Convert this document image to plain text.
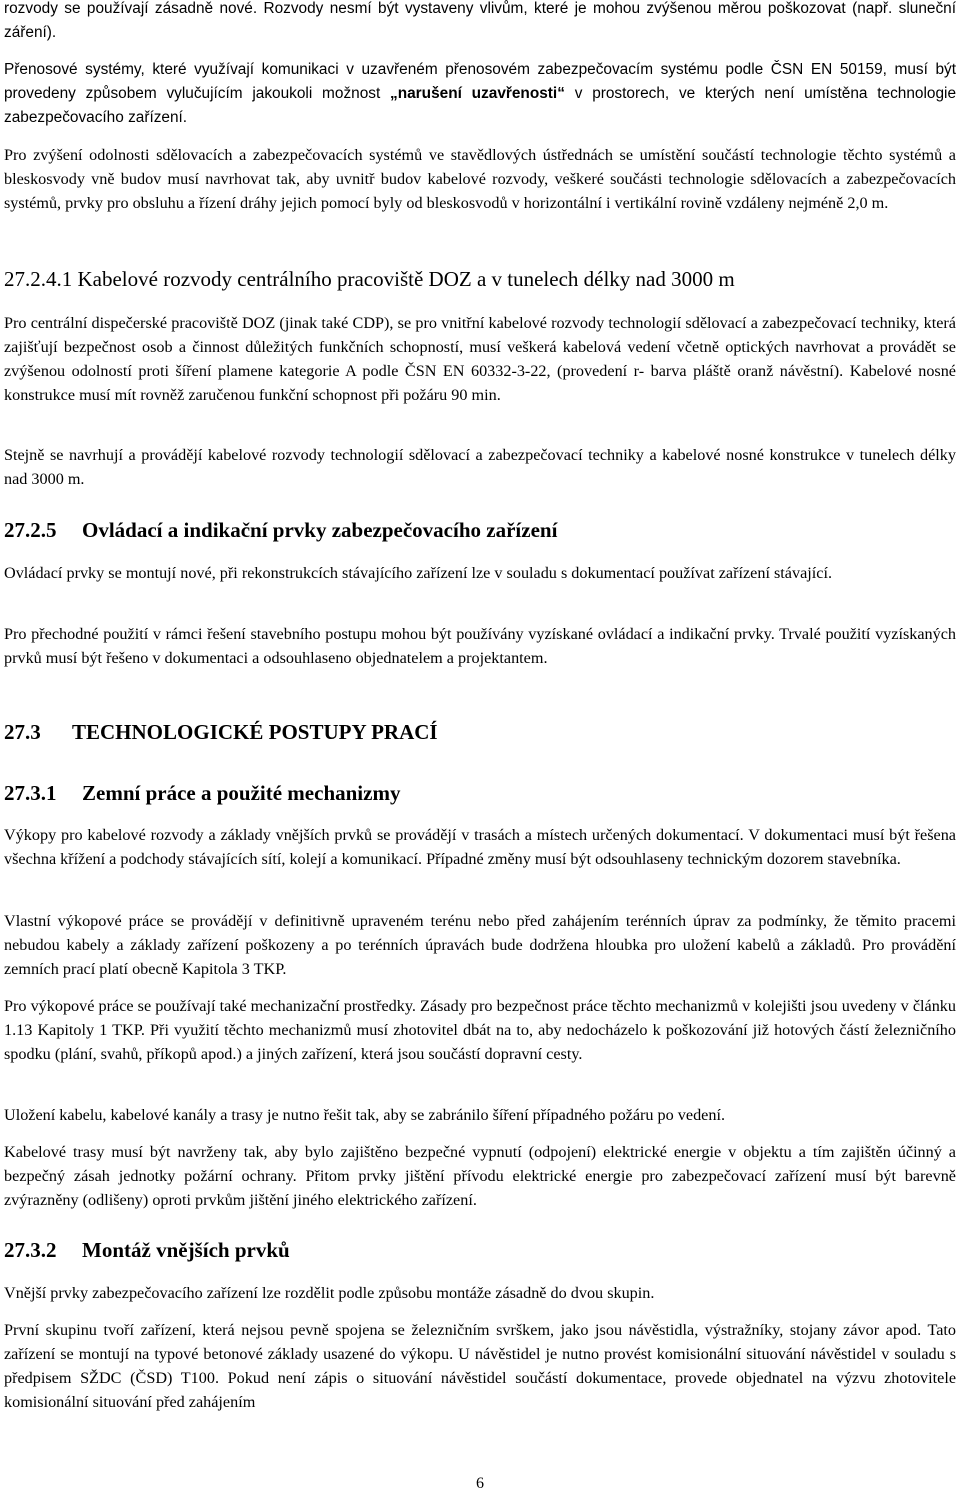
rozvody se používají zásadně nové. Rozvody nesmí být vystaveny vlivům, které je mohou zvýšenou měrou poškozovat (např. sluneční záření).

Přenosové systémy, které využívají komunikaci v uzavřeném přenosovém zabezpečovacím systému podle ČSN EN 50159, musí být provedeny způsobem vylučujícím jakoukoli možnost „narušení uzavřenosti“ v prostorech, ve kterých není umístěna technologie zabezpečovacího zařízení.

Pro zvýšení odolnosti sdělovacích a zabezpečovacích systémů ve stavědlových ústřednách se umístění součástí technologie těchto systémů a bleskosvody vně budov musí navrhovat tak, aby uvnitř budov kabelové rozvody, veškeré součásti technologie sdělovacích a zabezpečovacích systémů, prvky pro obsluhu a řízení dráhy jejich pomocí byly od bleskosvodů v horizontální i vertikální rovině vzdáleny nejméně 2,0 m.

27.2.4.1 Kabelové rozvody centrálního pracoviště DOZ a v tunelech délky nad 3000 m

Pro centrální dispečerské pracoviště DOZ (jinak také CDP), se pro vnitřní kabelové rozvody technologií sdělovací a zabezpečovací techniky, která zajišťují bezpečnost osob a činnost důležitých funkčních schopností, musí veškerá kabelová vedení včetně optických navrhovat a provádět se zvýšenou odolností proti šíření plamene kategorie A podle ČSN EN 60332-3-22, (provedení r- barva pláště oranž návěstní). Kabelové nosné konstrukce musí mít rovněž zaručenou funkční schopnost při požáru 90 min.

Stejně se navrhují a provádějí kabelové rozvody technologií sdělovací a zabezpečovací techniky a kabelové nosné konstrukce v tunelech délky nad 3000 m.

27.2.5 Ovládací a indikační prvky zabezpečovacího zařízení

Ovládací prvky se montují nové, při rekonstrukcích stávajícího zařízení lze v souladu s dokumentací používat zařízení stávající.

Pro přechodné použití v rámci řešení stavebního postupu mohou být používány vyzískané ovládací a indikační prvky. Trvalé použití vyzískaných prvků musí být řešeno v dokumentaci a odsouhlaseno objednatelem a projektantem.

27.3 TECHNOLOGICKÉ POSTUPY PRACÍ
27.3.1 Zemní práce a použité mechanizmy

Výkopy pro kabelové rozvody a základy vnějších prvků se provádějí v trasách a místech určených dokumentací. V dokumentaci musí být řešena všechna křížení a podchody stávajících sítí, kolejí a komunikací. Případné změny musí být odsouhlaseny technickým dozorem stavebníka.

Vlastní výkopové práce se provádějí v definitivně upraveném terénu nebo před zahájením terénních úprav za podmínky, že těmito pracemi nebudou kabely a základy zařízení poškozeny a po terénních úpravách bude dodržena hloubka pro uložení kabelů a základů. Pro provádění zemních prací platí obecně Kapitola 3 TKP.

Pro výkopové práce se používají také mechanizační prostředky. Zásady pro bezpečnost práce těchto mechanizmů v kolejišti jsou uvedeny v článku 1.13 Kapitoly 1 TKP. Při využití těchto mechanizmů musí zhotovitel dbát na to, aby nedocházelo k poškozování již hotových částí železničního spodku (plání, svahů, příkopů apod.) a jiných zařízení, která jsou součástí dopravní cesty.

Uložení kabelu, kabelové kanály a trasy je nutno řešit tak, aby se zabránilo šíření případného požáru po vedení.

Kabelové trasy musí být navrženy tak, aby bylo zajištěno bezpečné vypnutí (odpojení) elektrické energie v objektu a tím zajištěn účinný a bezpečný zásah jednotky požární ochrany. Přitom prvky jištění přívodu elektrické energie pro zabezpečovací zařízení musí být barevně zvýrazněny (odlišeny) oproti prvkům jištění jiného elektrického zařízení.

27.3.2 Montáž vnějších prvků

Vnější prvky zabezpečovacího zařízení lze rozdělit podle způsobu montáže zásadně do dvou skupin.

První skupinu tvoří zařízení, která nejsou pevně spojena se železničním svrškem, jako jsou návěstidla, výstražníky, stojany závor apod. Tato zařízení se montují na typové betonové základy usazené do výkopu. U návěstidel je nutno provést komisionální situování návěstidel v souladu s předpisem SŽDC (ČSD) T100. Pokud není zápis o situování návěstidel součástí dokumentace, provede objednatel na výzvu zhotovitele komisionální situování před zahájením

6
